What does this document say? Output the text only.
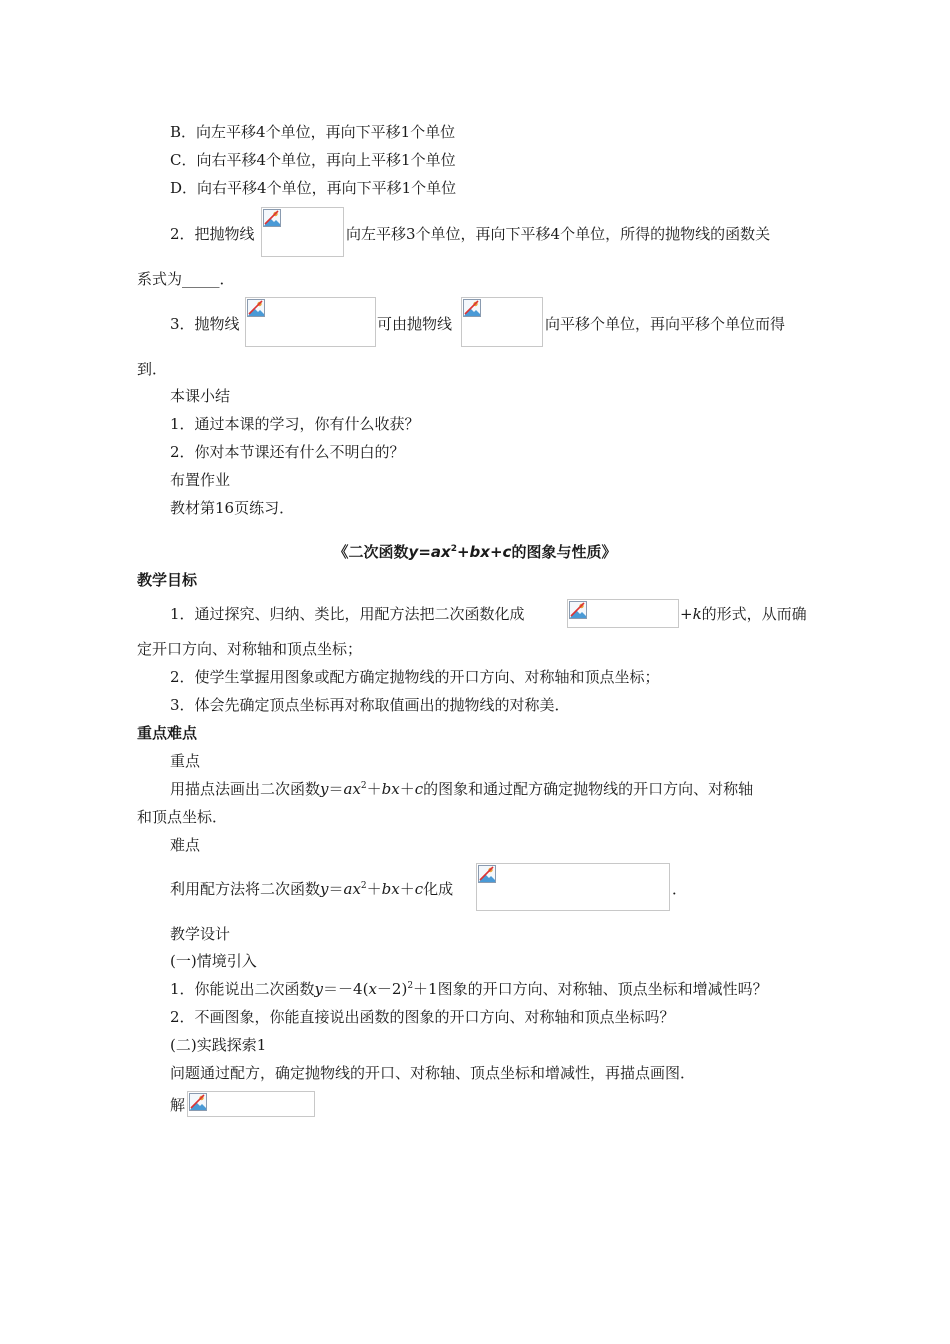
B．向左平移4个单位，再向下平移1个单位
C．向右平移4个单位，再向上平移1个单位
D．向右平移4个单位，再向下平移1个单位
2．把抛物线	向左平移3个单位，再向下平移4个单位，所得的抛物线的函数关
系式为_____．
3．抛物线	可由抛物线	向平移个单位，再向平移个单位而得
到．
本课小结
1．通过本课的学习，你有什么收获？
2．你对本节课还有什么不明白的？
布置作业
教材第16页练习．
《二次函数$y=ax^2+bx+c$的图象与性质》
教学目标
1．通过探究、归纳、类比，用配方法把二次函数化成	+k的形式，从而确
定开口方向、对称轴和顶点坐标；
2．使学生掌握用图象或配方确定抛物线的开口方向、对称轴和顶点坐标；
3．体会先确定顶点坐标再对称取值画出的抛物线的对称美．
重点难点
重点
用描点法画出二次函数$y=ax^2+bx+c$的图象和通过配方确定抛物线的开口方向、对称轴
和顶点坐标．
难点
利用配方法将二次函数$y=ax^2+bx+c$化成	．
教学设计
(一)情境引入
1．你能说出二次函数$y=-4(x-2)^2+1$图象的开口方向、对称轴、顶点坐标和增减性吗？
2．不画图象，你能直接说出函数的图象的开口方向、对称轴和顶点坐标吗？
(二)实践探索1
问题通过配方，确定抛物线的开口、对称轴、顶点坐标和增减性，再描点画图．
解
